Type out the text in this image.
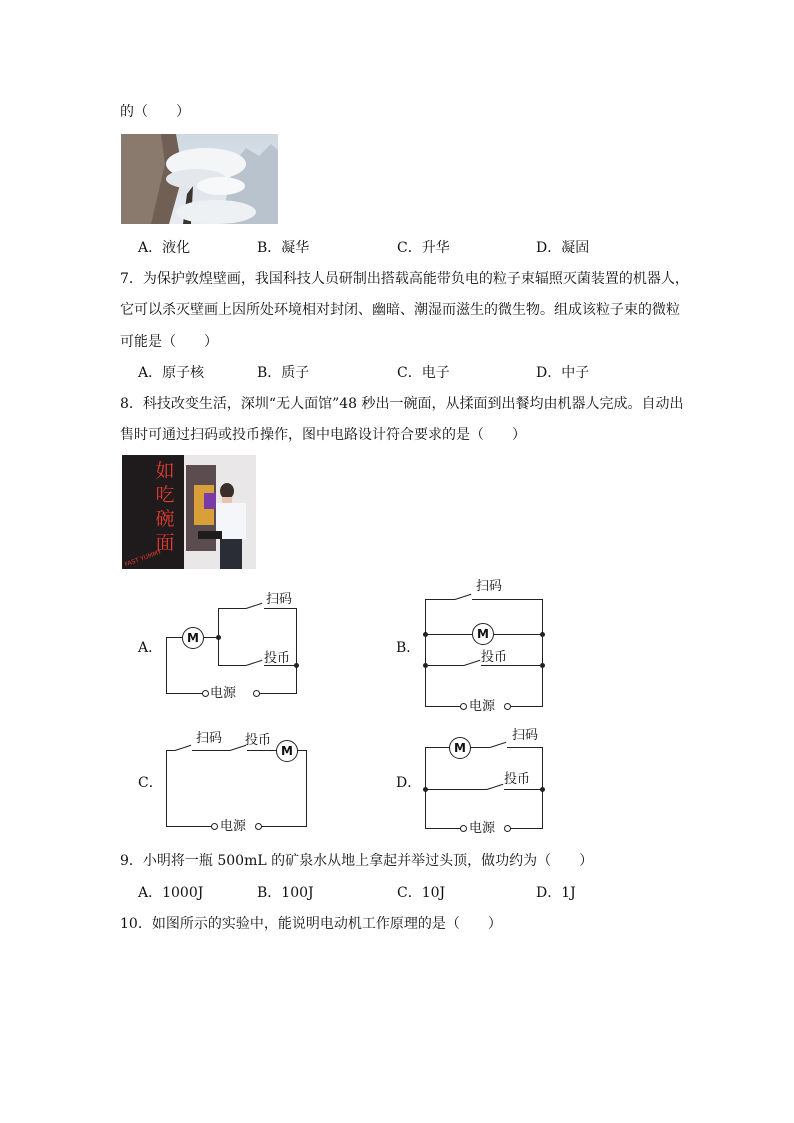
的（　　）
A．液化	B．凝华	C．升华	D．凝固
7．为保护敦煌壁画，我国科技人员研制出搭载高能带负电的粒子束辐照灭菌装置的机器人，
它可以杀灭壁画上因所处环境相对封闭、幽暗、潮湿而滋生的微生物。组成该粒子束的微粒
可能是（　　）
A．原子核	B．质子	C．电子	D．中子
8．科技改变生活，深圳“无人面馆”48 秒出一碗面，从揉面到出餐均由机器人完成。自动出
售时可通过扫码或投币操作，图中电路设计符合要求的是（　　）
如
吃
碗
面
FAST YUMMY
A．
M
扫码
投币
电源
B．
M
扫码
投币
电源
C．
M
扫码 投币
电源
D．
M
扫码
投币
电源
9．小明将一瓶 500mL 的矿泉水从地上拿起并举过头顶，做功约为（　　）
A．1000J	B．100J	C．10J	D．1J
10．如图所示的实验中，能说明电动机工作原理的是（　　）
